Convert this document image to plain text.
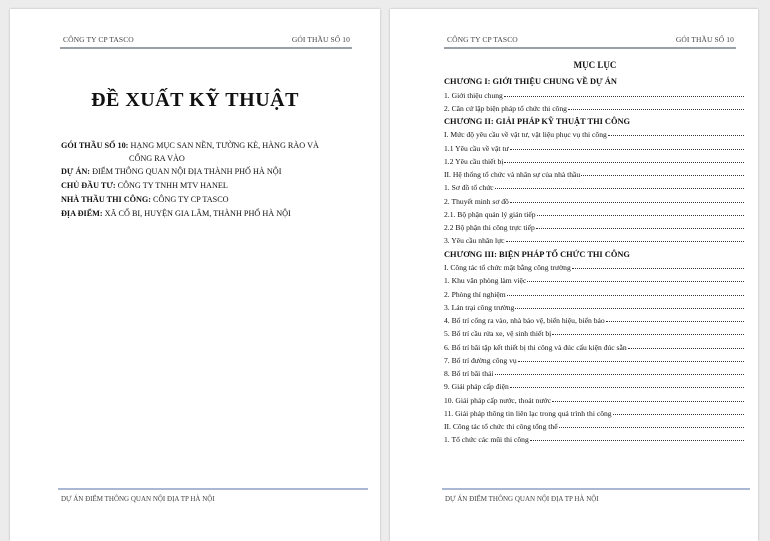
CÔNG TY CP TASCO	GÓI THẦU SỐ 10
ĐỀ XUẤT KỸ THUẬT
GÓI THẦU SỐ 10: HẠNG MỤC SAN NỀN, TƯỜNG KÈ, HÀNG RÀO VÀ
CỔNG RA VÀO
DỰ ÁN: ĐIỂM THÔNG QUAN NỘI ĐỊA THÀNH PHỐ HÀ NỘI
CHỦ ĐẦU TƯ: CÔNG TY TNHH MTV HANEL
NHÀ THẦU THI CÔNG: CÔNG TY CP TASCO
ĐỊA ĐIỂM: XÃ CỔ BI, HUYỆN GIA LÂM, THÀNH PHỐ HÀ NỘI
DỰ ÁN ĐIỂM THÔNG QUAN NỘI ĐỊA TP HÀ NỘI
CÔNG TY CP TASCO	GÓI THẦU SỐ 10
MỤC LỤC
CHƯƠNG I: GIỚI THIỆU CHUNG VỀ DỰ ÁN
1. Giới thiệu chung
2. Căn cứ lập biện pháp tổ chức thi công
CHƯƠNG II: GIẢI PHÁP KỸ THUẬT THI CÔNG
I. Mức độ yêu cầu về vật tư, vật liệu phục vụ thi công
1.1 Yêu cầu về vật tư
1.2 Yêu cầu thiết bị
II. Hệ thống tổ chức và nhân sự của nhà thầu
1. Sơ đồ tổ chức
2. Thuyết minh sơ đồ
2.1. Bộ phận quản lý gián tiếp
2.2 Bộ phận thi công trực tiếp
3. Yêu cầu nhân lực
CHƯƠNG III: BIỆN PHÁP TỔ CHỨC THI CÔNG
I. Công tác tổ chức mặt bằng công trường
1. Khu văn phòng làm việc
2. Phòng thí nghiệm
3. Lán trại công trường
4. Bố trí cổng ra vào, nhà bảo vệ, biển hiệu, biển báo
5. Bố trí cầu rửa xe, vệ sinh thiết bị
6. Bố trí bãi tập kết thiết bị thi công và đúc cấu kiện đúc sẵn
7. Bố trí đường công vụ
8. Bố trí bãi thải
9. Giải pháp cấp điện
10. Giải pháp cấp nước, thoát nước
11. Giải pháp thông tin liên lạc trong quá trình thi công
II. Công tác tổ chức thi công tổng thể
1. Tổ chức các mũi thi công
DỰ ÁN ĐIỂM THÔNG QUAN NỘI ĐỊA TP HÀ NỘI
